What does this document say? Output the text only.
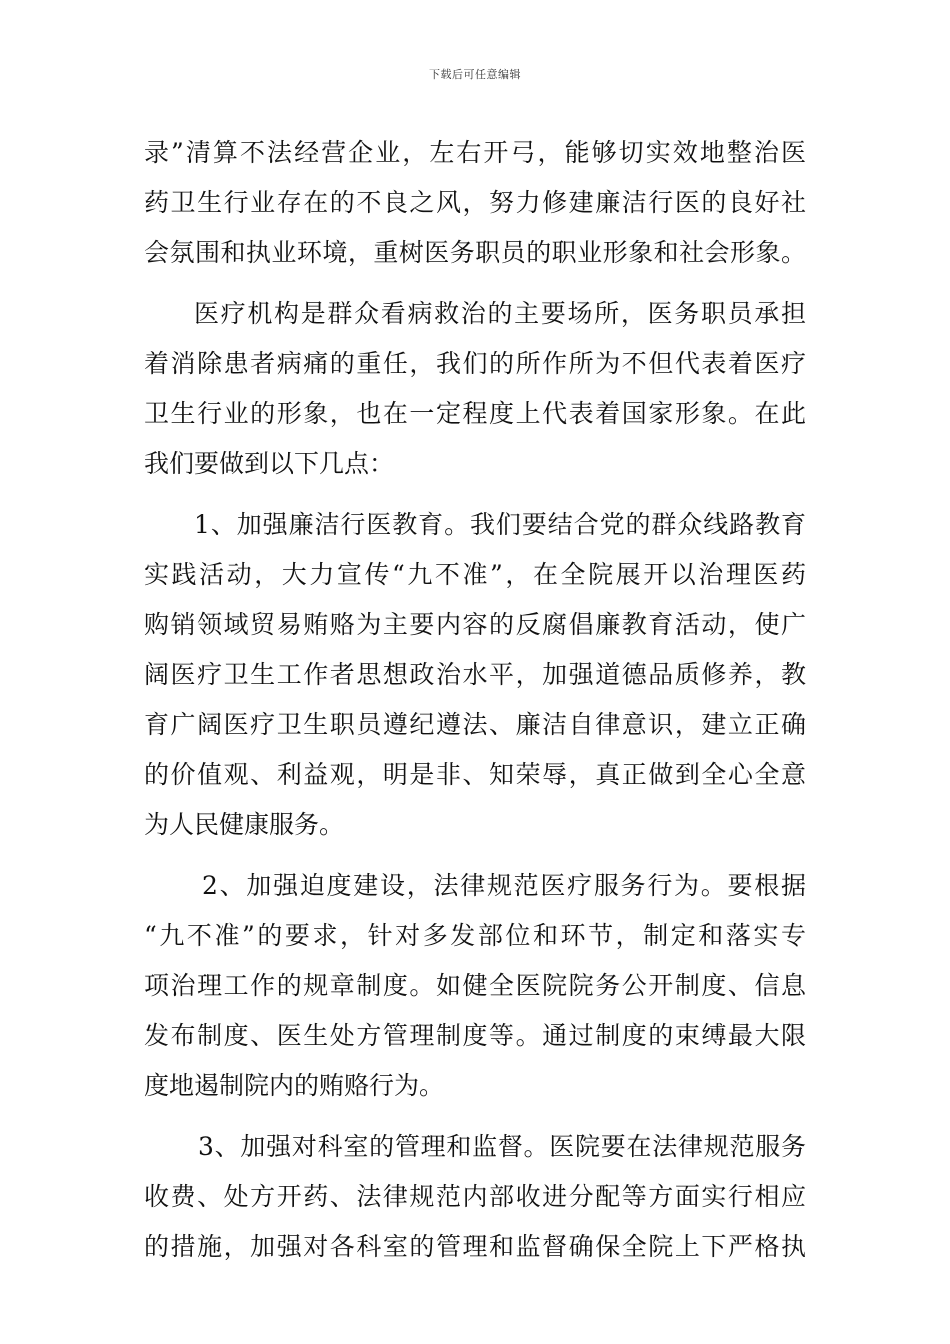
下载后可任意编辑
录”清算不法经营企业，左右开弓，能够切实效地整治医
药卫生行业存在的不良之风，努力修建廉洁行医的良好社
会氛围和执业环境，重树医务职员的职业形象和社会形象。
医疗机构是群众看病救治的主要场所，医务职员承担
着消除患者病痛的重任，我们的所作所为不但代表着医疗
卫生行业的形象，也在一定程度上代表着国家形象。在此
我们要做到以下几点：
1、加强廉洁行医教育。我们要结合党的群众线路教育
实践活动，大力宣传“九不准”，在全院展开以治理医药
购销领域贸易贿赂为主要内容的反腐倡廉教育活动，使广
阔医疗卫生工作者思想政治水平，加强道德品质修养，教
育广阔医疗卫生职员遵纪遵法、廉洁自律意识，建立正确
的价值观、利益观，明是非、知荣辱，真正做到全心全意
为人民健康服务。
2、加强迫度建设，法律规范医疗服务行为。要根据
“九不准”的要求，针对多发部位和环节，制定和落实专
项治理工作的规章制度。如健全医院院务公开制度、信息
发布制度、医生处方管理制度等。通过制度的束缚最大限
度地遏制院内的贿赂行为。
3、加强对科室的管理和监督。医院要在法律规范服务
收费、处方开药、法律规范内部收进分配等方面实行相应
的措施，加强对各科室的管理和监督确保全院上下严格执
